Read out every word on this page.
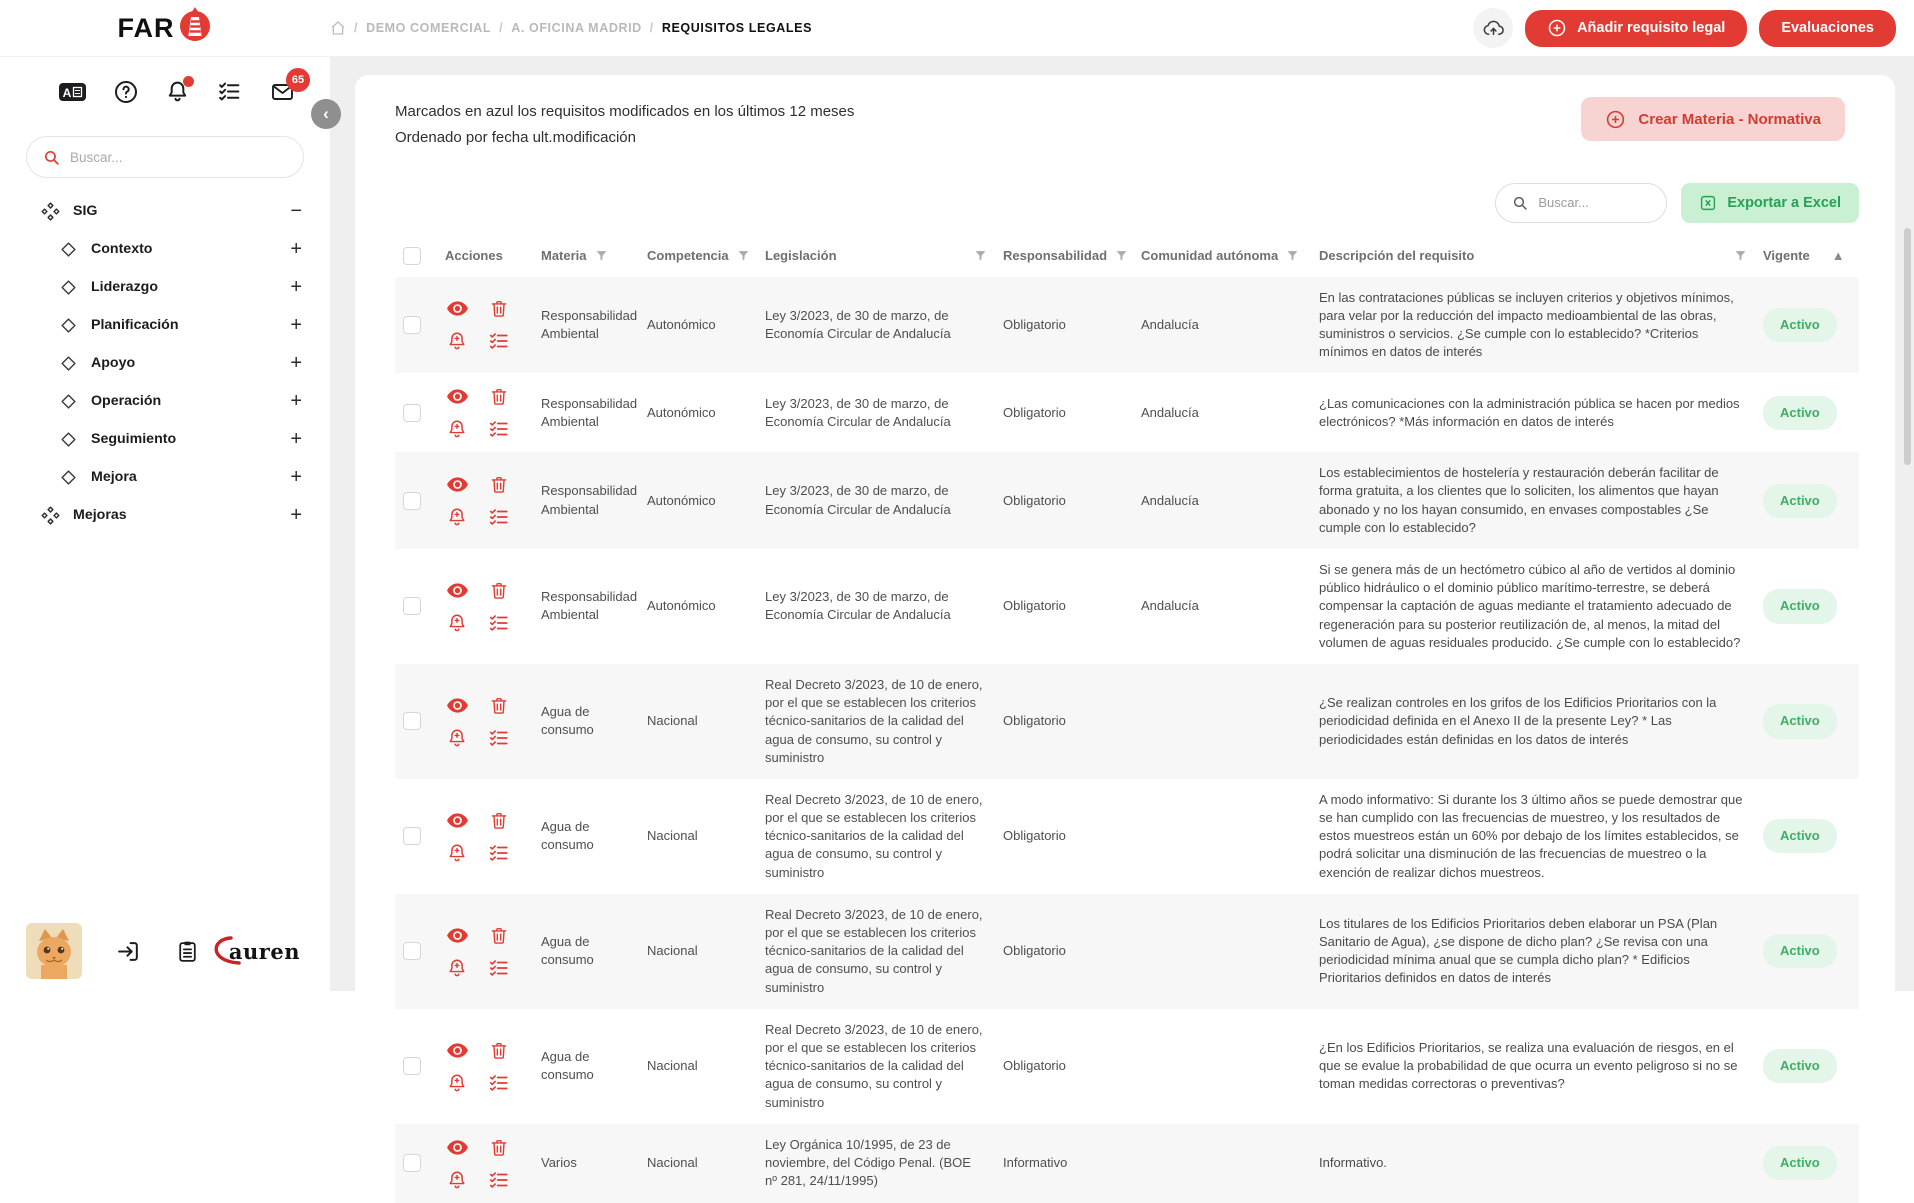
FAR	/ DEMO COMERCIAL / A. OFICINA MADRID / REQUISITOS LEGALES	Añadir requisito legal	Evaluaciones
A
65
Buscar...
SIG	−
Contexto	+
Liderazgo	+
Planificación	+
Apoyo	+
Operación	+
Seguimiento	+
Mejora	+
Mejoras	+
auren
‹	Marcados en azul los requisitos modificados en los últimos 12 meses
Ordenado por fecha ult.modificación
Crear Materia - Normativa
Buscar...
Exportar a Excel

	Acciones	Materia	Competencia	Legislación	Responsabilidad	Comunidad autónoma	Descripción del requisito	Vigente ▲

	Responsabilidad Ambiental	Autonómico	Ley 3/2023, de 30 de marzo, de Economía Circular de Andalucía	Obligatorio	Andalucía	En las contrataciones públicas se incluyen criterios y objetivos mínimos, para velar por la reducción del impacto medioambiental de las obras, suministros o servicios. ¿Se cumple con lo establecido? *Criterios mínimos en datos de interés	Activo

	Responsabilidad Ambiental	Autonómico	Ley 3/2023, de 30 de marzo, de Economía Circular de Andalucía	Obligatorio	Andalucía	¿Las comunicaciones con la administración pública se hacen por medios electrónicos? *Más información en datos de interés	Activo

	Responsabilidad Ambiental	Autonómico	Ley 3/2023, de 30 de marzo, de Economía Circular de Andalucía	Obligatorio	Andalucía	Los establecimientos de hostelería y restauración deberán facilitar de forma gratuita, a los clientes que lo soliciten, los alimentos que hayan abonado y no los hayan consumido, en envases compostables ¿Se cumple con lo establecido?	Activo

	Responsabilidad Ambiental	Autonómico	Ley 3/2023, de 30 de marzo, de Economía Circular de Andalucía	Obligatorio	Andalucía	Si se genera más de un hectómetro cúbico al año de vertidos al dominio público hidráulico o el dominio público marítimo-terrestre, se deberá compensar la captación de aguas mediante el tratamiento adecuado de regeneración para su posterior reutilización de, al menos, la mitad del volumen de aguas residuales producido. ¿Se cumple con lo establecido?	Activo

	Agua de consumo	Nacional	Real Decreto 3/2023, de 10 de enero, por el que se establecen los criterios técnico-sanitarios de la calidad del agua de consumo, su control y suministro	Obligatorio		¿Se realizan controles en los grifos de los Edificios Prioritarios con la periodicidad definida en el Anexo II de la presente Ley? * Las periodicidades están definidas en los datos de interés	Activo

	Agua de consumo	Nacional	Real Decreto 3/2023, de 10 de enero, por el que se establecen los criterios técnico-sanitarios de la calidad del agua de consumo, su control y suministro	Obligatorio		A modo informativo: Si durante los 3 último años se puede demostrar que se han cumplido con las frecuencias de muestreo, y los resultados de estos muestreos están un 60% por debajo de los límites establecidos, se podrá solicitar una disminución de las frecuencias de muestreo o la exención de realizar dichos muestreos.	Activo

	Agua de consumo	Nacional	Real Decreto 3/2023, de 10 de enero, por el que se establecen los criterios técnico-sanitarios de la calidad del agua de consumo, su control y suministro	Obligatorio		Los titulares de los Edificios Prioritarios deben elaborar un PSA (Plan Sanitario de Agua), ¿se dispone de dicho plan? ¿Se revisa con una periodicidad mínima anual que se cumpla dicho plan? * Edificios Prioritarios definidos en datos de interés	Activo

	Agua de consumo	Nacional	Real Decreto 3/2023, de 10 de enero, por el que se establecen los criterios técnico-sanitarios de la calidad del agua de consumo, su control y suministro	Obligatorio		¿En los Edificios Prioritarios, se realiza una evaluación de riesgos, en el que se evalue la probabilidad de que ocurra un evento peligroso si no se toman medidas correctoras o preventivas?	Activo

	Varios	Nacional	Ley Orgánica 10/1995, de 23 de noviembre, del Código Penal. (BOE nº 281, 24/11/1995)	Informativo		Informativo.	Activo
